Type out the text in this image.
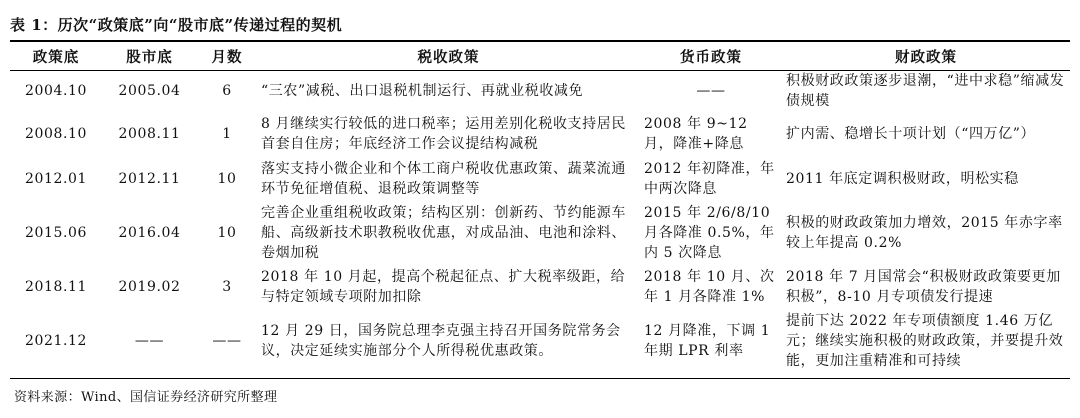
表 1：历次“政策底”向“股市底”传递过程的契机
政策底	股市底	月数	税收政策	货币政策	财政政策
2004.10	2005.04	6	“三农”减税、出口退税机制运行、再就业税收减免	——	积极财政政策逐步退潮，“进中求稳”缩减发债规模
2008.10	2008.11	1	8 月继续实行较低的进口税率；运用差别化税收支持居民首套自住房；年底经济工作会议提结构减税	2008 年 9~12 月，降准+降息	扩内需、稳增长十项计划（“四万亿”）
2012.01	2012.11	10	落实支持小微企业和个体工商户税收优惠政策、蔬菜流通环节免征增值税、退税政策调整等	2012 年初降准，年中两次降息	2011 年底定调积极财政，明松实稳
2015.06	2016.04	10	完善企业重组税收政策；结构区别：创新药、节约能源车船、高级新技术职教税收优惠，对成品油、电池和涂料、卷烟加税	2015 年 2/6/8/10 月各降准 0.5%，年内 5 次降息	积极的财政政策加力增效，2015 年赤字率较上年提高 0.2%
2018.11	2019.02	3	2018 年 10 月起，提高个税起征点、扩大税率级距，给与特定领域专项附加扣除	2018 年 10 月、次年 1 月各降准 1%	2018 年 7 月国常会“积极财政政策要更加积极”，8-10 月专项债发行提速
2021.12	——	——	12 月 29 日，国务院总理李克强主持召开国务院常务会议，决定延续实施部分个人所得税优惠政策。	12 月降准，下调 1 年期 LPR 利率	提前下达 2022 年专项债额度 1.46 万亿元；继续实施积极的财政政策，并要提升效能，更加注重精准和可持续
资料来源：Wind、国信证券经济研究所整理
